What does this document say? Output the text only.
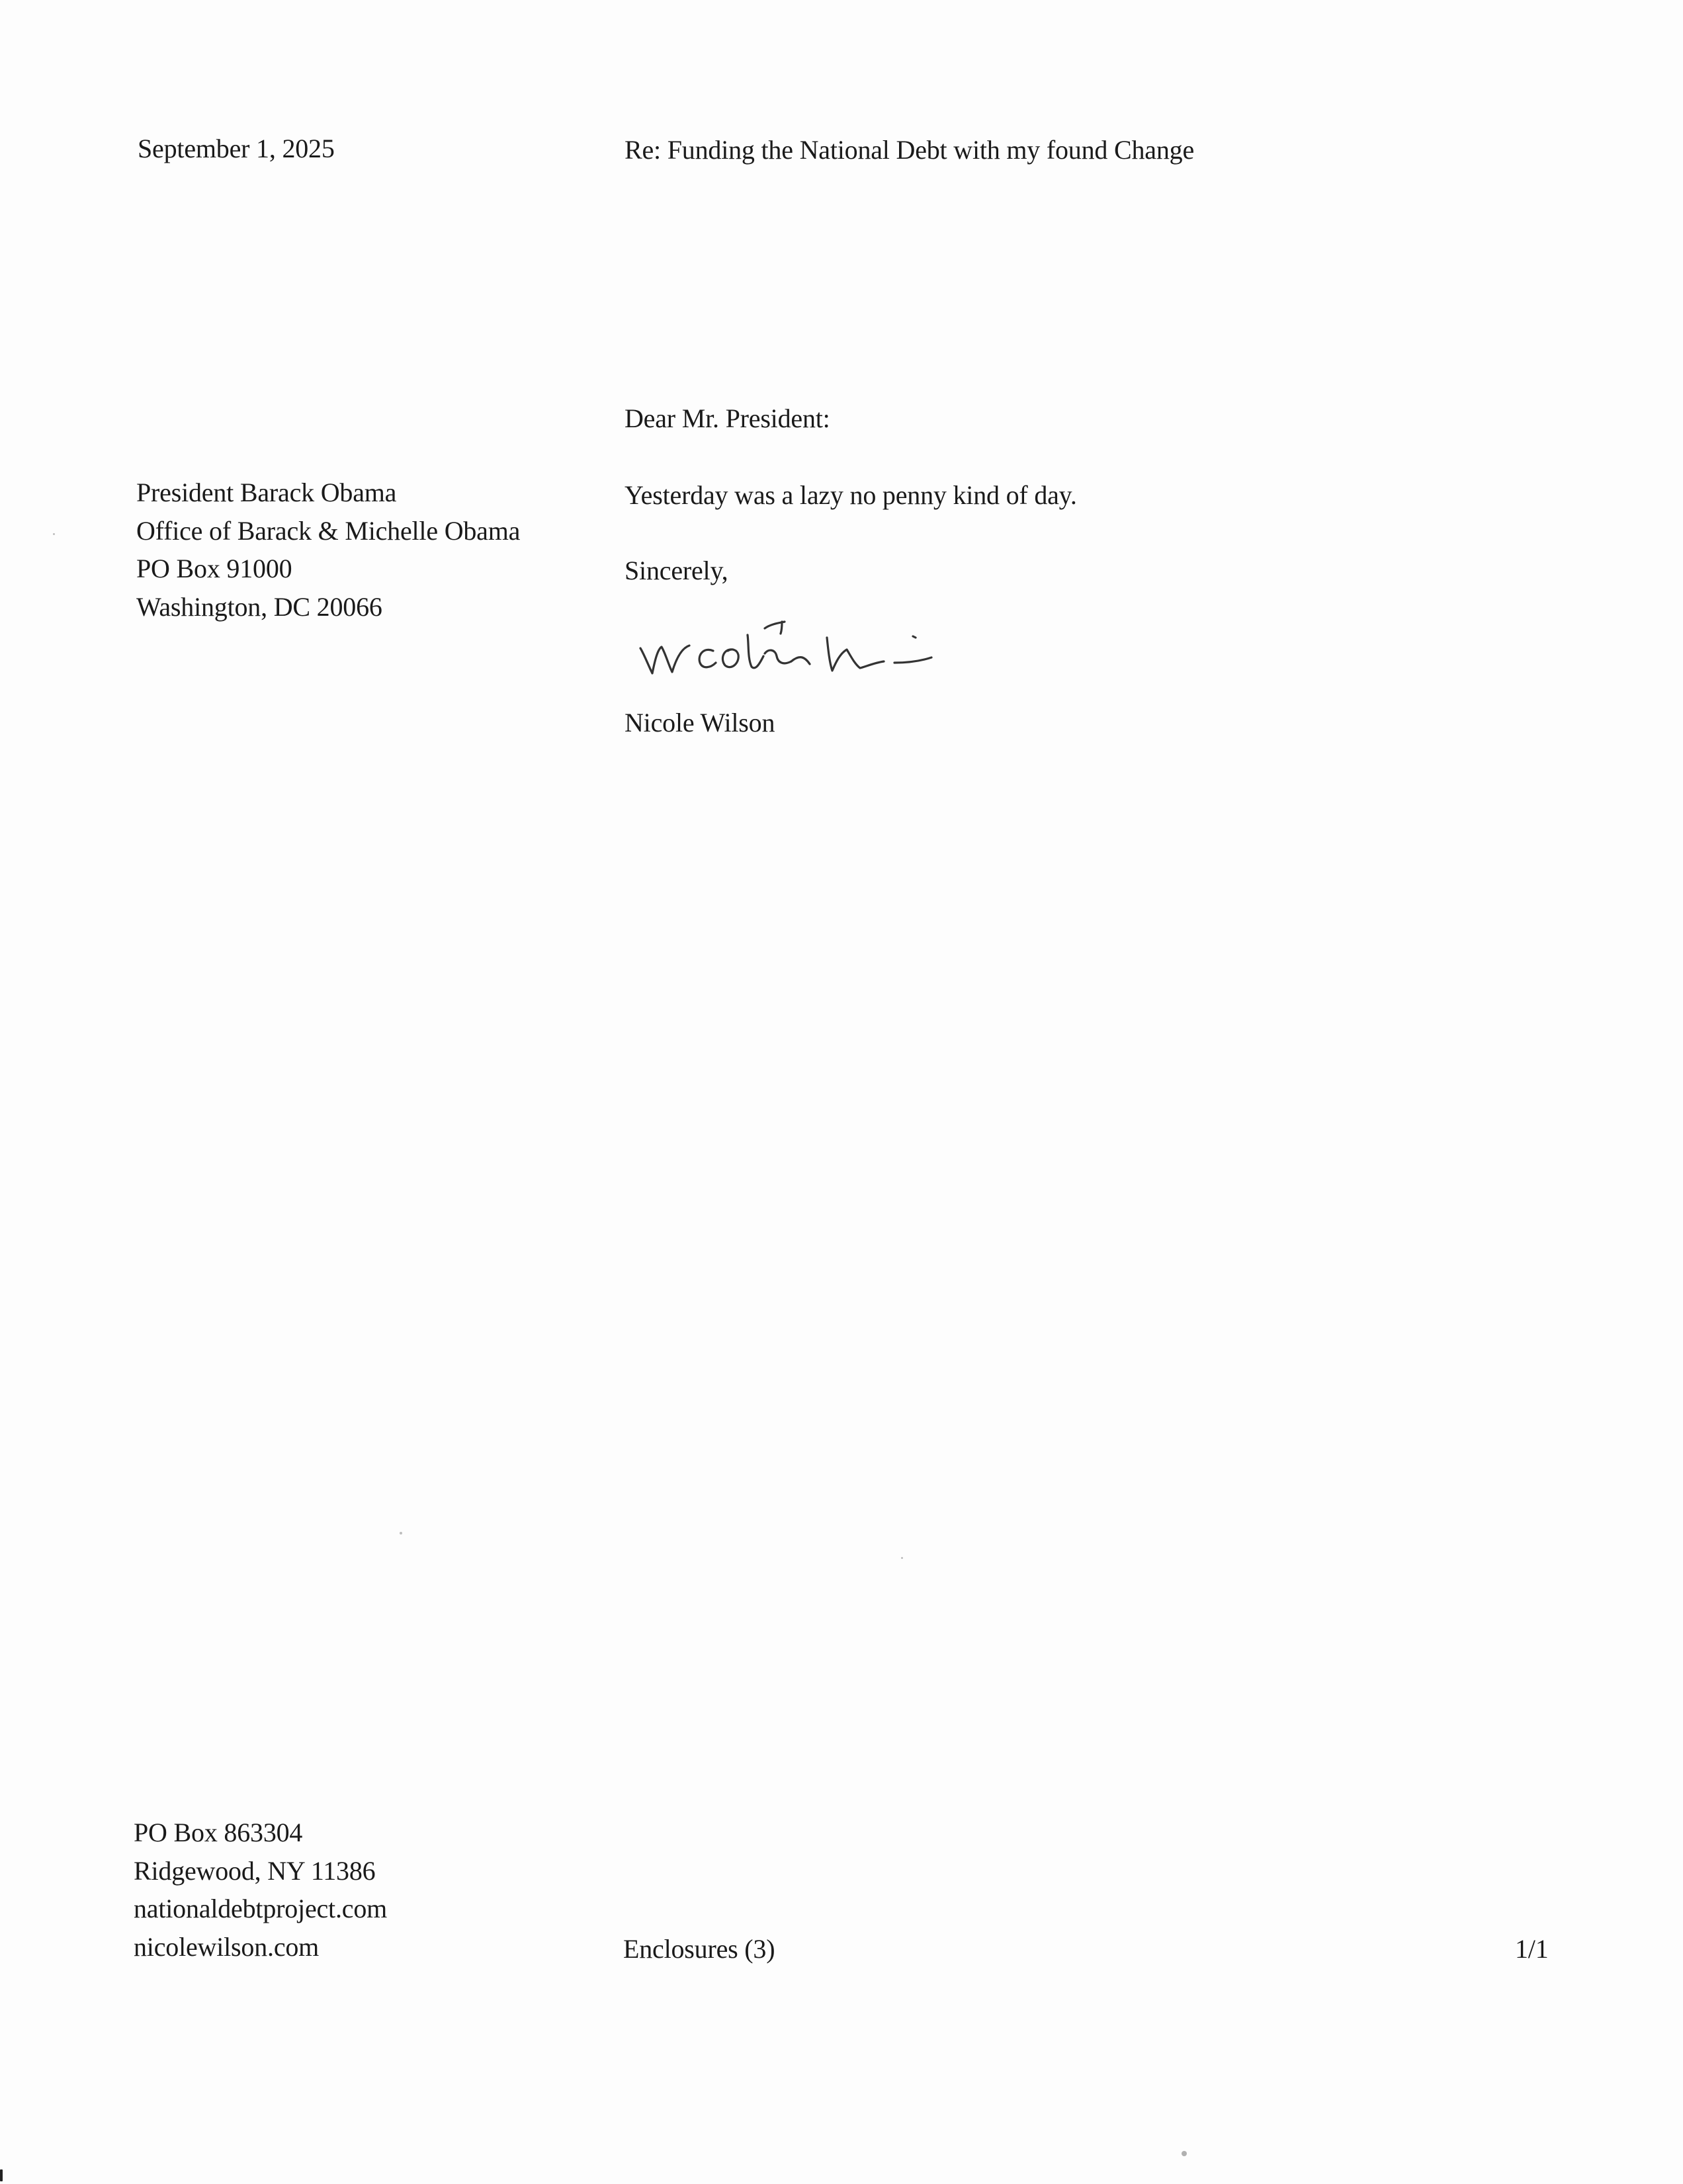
September 1, 2025	Re: Funding the National Debt with my found Change
Dear Mr. President:
President Barack Obama
Office of Barack & Michelle Obama
PO Box 91000
Washington, DC 20066
Yesterday was a lazy no penny kind of day.
Sincerely,
Nicole Wilson
PO Box 863304
Ridgewood, NY 11386
nationaldebtproject.com
nicolewilson.com	Enclosures (3)	1/1
